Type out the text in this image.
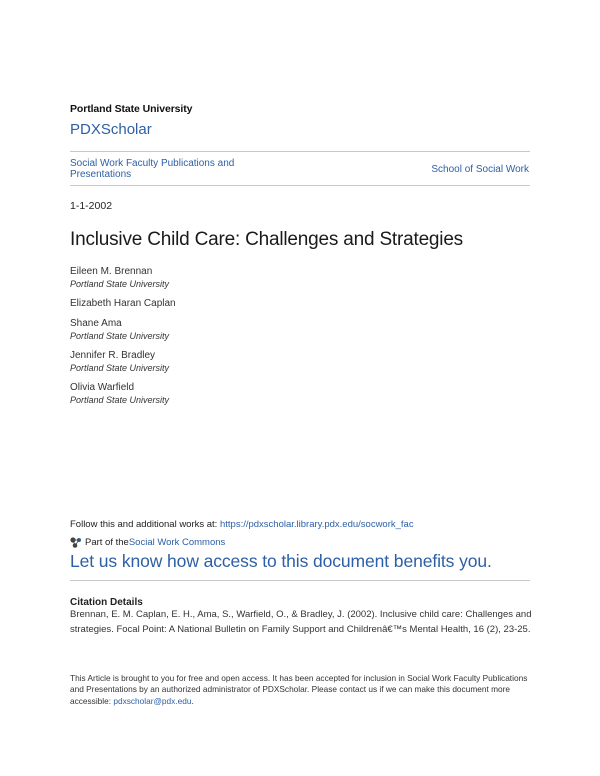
Portland State University
PDXScholar
Social Work Faculty Publications and Presentations	School of Social Work
1-1-2002
Inclusive Child Care: Challenges and Strategies
Eileen M. Brennan
Portland State University
Elizabeth Haran Caplan
Shane Ama
Portland State University
Jennifer R. Bradley
Portland State University
Olivia Warfield
Portland State University
Follow this and additional works at: https://pdxscholar.library.pdx.edu/socwork_fac
Part of the Social Work Commons
Let us know how access to this document benefits you.
Citation Details
Brennan, E. M. Caplan, E. H., Ama, S., Warfield, O., & Bradley, J. (2002). Inclusive child care: Challenges and strategies. Focal Point: A National Bulletin on Family Support and Childrenâ€™s Mental Health, 16 (2), 23-25.
This Article is brought to you for free and open access. It has been accepted for inclusion in Social Work Faculty Publications and Presentations by an authorized administrator of PDXScholar. Please contact us if we can make this document more accessible: pdxscholar@pdx.edu.
